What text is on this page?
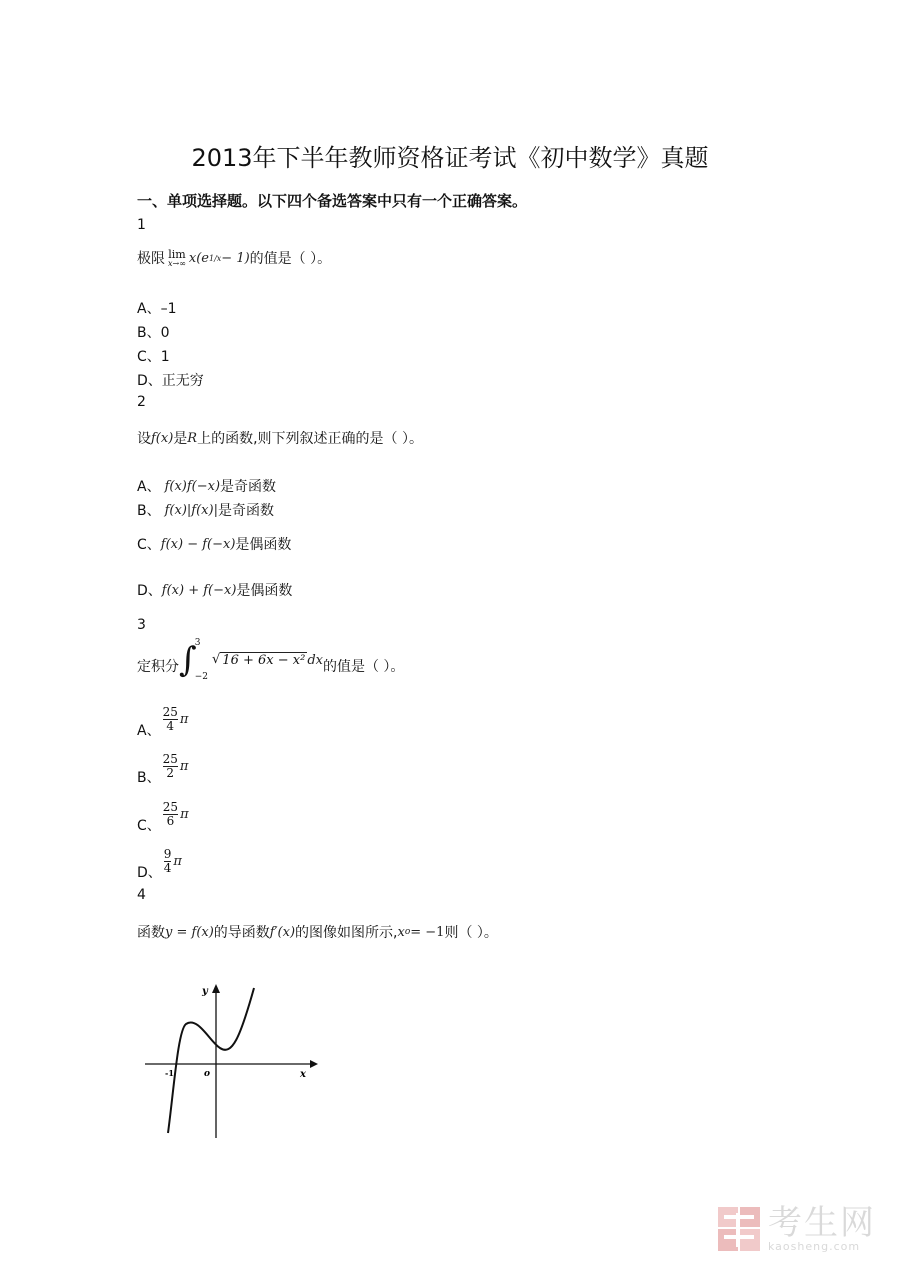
2013年下半年教师资格证考试《初中数学》真题
一、单项选择题。以下四个备选答案中只有一个正确答案。
1
极限 lim
x→∞ x(e 1/x − 1) 的值是（ ）。
A、–1
B、0
C、1
D、正无穷
2
设 f(x) 是 R 上的函数,则下列叙述正确的是（ ）。
A、 f(x)f(−x) 是奇函数
B、 f(x)|f(x)| 是奇函数
C、 f(x) − f(−x) 是偶函数
D、 f(x) + f(−x) 是偶函数
3
定积分 ∫
3
−2
√ 16 + 6x − x² dx 的值是（ ）。
A、 $\frac{25}{4}$ π
B、 $\frac{25}{2}$ π
C、 $\frac{25}{6}$ π
D、 $\frac{9}{4}$ π
4
函数 y = f(x) 的导函数 f′(x) 的图像如图所示, x o = −1 则（ ）。
y
x
o
-1
考生网
kaosheng.com
